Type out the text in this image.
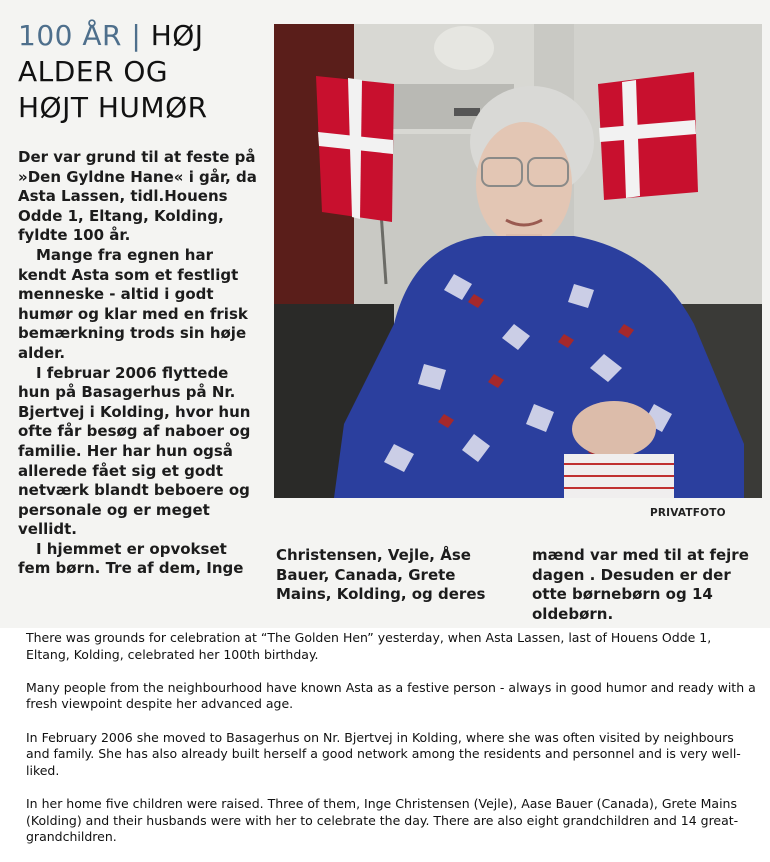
100 ÅR | HØJ
ALDER OG
HØJT HUMØR

Der var grund til at feste på »Den Gyldne Hane« i går, da Asta Lassen, tidl.Houens Odde 1, Eltang, Kolding, fyldte 100 år.

Mange fra egnen har kendt Asta som et festligt menneske - altid i godt humør og klar med en frisk bemærkning trods sin høje alder.

I februar 2006 flyttede hun på Basagerhus på Nr. Bjertvej i Kolding, hvor hun ofte får besøg af naboer og familie. Her har hun også allerede fået sig et godt netværk blandt beboere og personale og er meget vellidt.

I hjemmet er opvokset fem børn. Tre af dem, Inge

PRIVATFOTO
Christensen, Vejle, Åse Bauer, Canada, Grete Mains, Kolding, og deres
mænd var med til at fejre dagen . Desuden er der otte børnebørn og 14 oldebørn.

There was grounds for celebration at “The Golden Hen” yesterday, when Asta Lassen, last of Houens Odde 1, Eltang, Kolding, celebrated her 100th birthday.

Many people from the neighbourhood have known Asta as a festive person - always in good humor and ready with a fresh viewpoint despite her advanced age.

In February 2006 she moved to Basagerhus on Nr. Bjertvej in Kolding, where she was often visited by neighbours and family. She has also already built herself a good network among the residents and personnel and is very well-liked.

In her home five children were raised. Three of them, Inge Christensen (Vejle), Aase Bauer (Canada), Grete Mains (Kolding) and their husbands were with her to celebrate the day. There are also eight grandchildren and 14 great-grandchildren.
